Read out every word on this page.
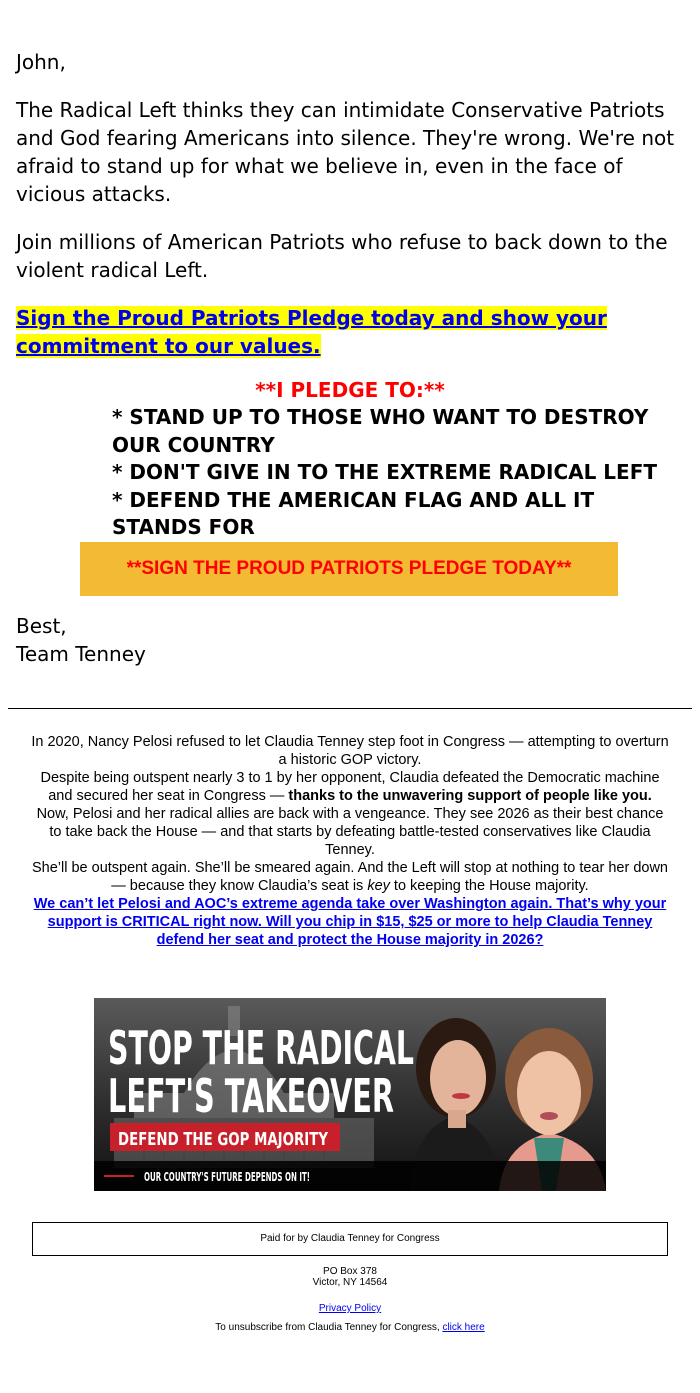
John,

The Radical Left thinks they can intimidate Conservative Patriots and God fearing Americans into silence. They're wrong. We're not afraid to stand up for what we believe in, even in the face of vicious attacks.

Join millions of American Patriots who refuse to back down to the violent radical Left.

Sign the Proud Patriots Pledge today and show your commitment to our values.

**I PLEDGE TO:**
* STAND UP TO THOSE WHO WANT TO DESTROY OUR COUNTRY
* DON'T GIVE IN TO THE EXTREME RADICAL LEFT
* DEFEND THE AMERICAN FLAG AND ALL IT STANDS FOR
**SIGN THE PROUD PATRIOTS PLEDGE TODAY**
Best,
Team Tenney

In 2020, Nancy Pelosi refused to let Claudia Tenney step foot in Congress — attempting to overturn a historic GOP victory.

Despite being outspent nearly 3 to 1 by her opponent, Claudia defeated the Democratic machine and secured her seat in Congress — thanks to the unwavering support of people like you.

Now, Pelosi and her radical allies are back with a vengeance. They see 2026 as their best chance to take back the House — and that starts by defeating battle-tested conservatives like Claudia Tenney.

She’ll be outspent again. She’ll be smeared again. And the Left will stop at nothing to tear her down — because they know Claudia’s seat is key to keeping the House majority.

We can’t let Pelosi and AOC’s extreme agenda take over Washington again. That’s why your support is CRITICAL right now. Will you chip in $15, $25 or more to help Claudia Tenney defend her seat and protect the House majority in 2026?

STOP THE RADICAL
LEFT'S TAKEOVER
DEFEND THE GOP MAJORITY
OUR COUNTRY'S FUTURE DEPENDS ON IT!
Paid for by Claudia Tenney for Congress
PO Box 378
Victor, NY 14564
Privacy Policy
To unsubscribe from Claudia Tenney for Congress, click here
